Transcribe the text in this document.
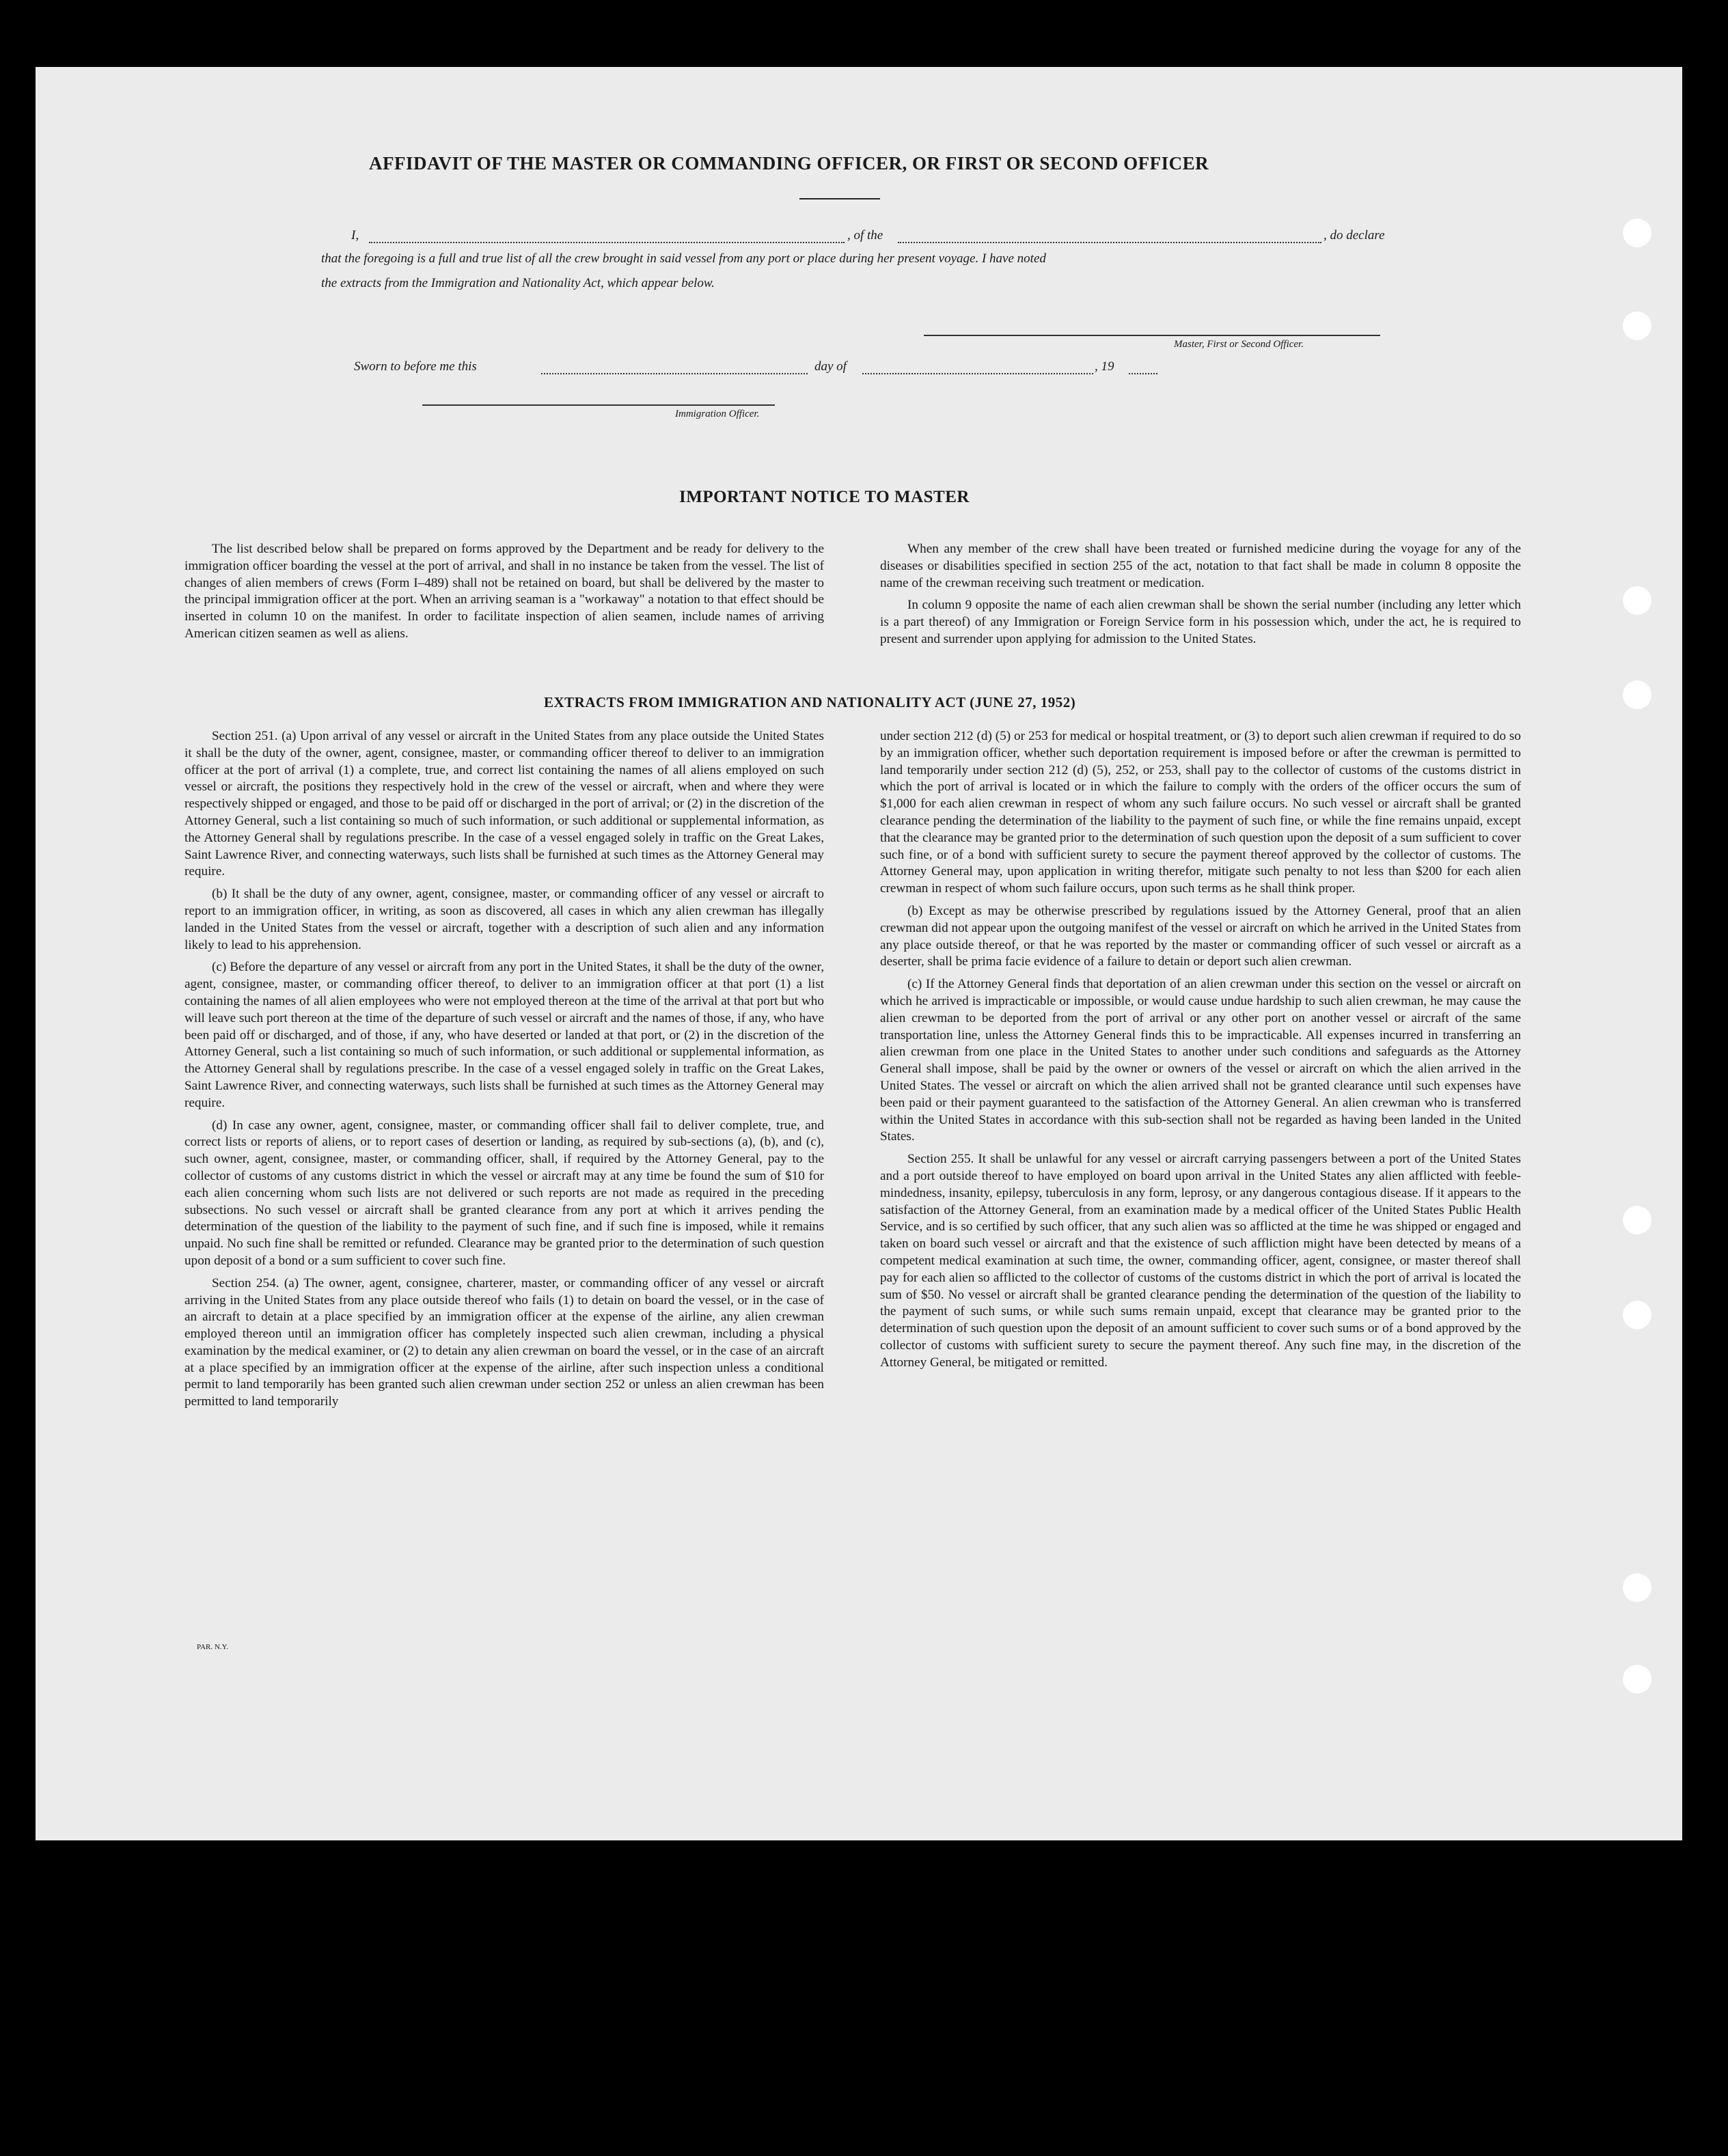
AFFIDAVIT OF THE MASTER OR COMMANDING OFFICER, OR FIRST OR SECOND OFFICER
I,	, of the	, do declare
that the foregoing is a full and true list of all the crew brought in said vessel from any port or place during her present voyage. I have noted
the extracts from the Immigration and Nationality Act, which appear below.
Master, First or Second Officer.
Sworn to before me this	day of	, 19
Immigration Officer.
IMPORTANT NOTICE TO MASTER

The list described below shall be prepared on forms approved by the Department and be ready for delivery to the immigration officer boarding the vessel at the port of arrival, and shall in no instance be taken from the vessel. The list of changes of alien members of crews (Form I–489) shall not be retained on board, but shall be delivered by the master to the principal immigration officer at the port. When an arriving seaman is a "workaway" a notation to that effect should be inserted in column 10 on the manifest. In order to facilitate inspection of alien seamen, include names of arriving American citizen seamen as well as aliens.

When any member of the crew shall have been treated or furnished medicine during the voyage for any of the diseases or disabilities specified in section 255 of the act, notation to that fact shall be made in column 8 opposite the name of the crewman receiving such treatment or medication.

In column 9 opposite the name of each alien crewman shall be shown the serial number (including any letter which is a part thereof) of any Immigration or Foreign Service form in his possession which, under the act, he is required to present and surrender upon applying for admission to the United States.

EXTRACTS FROM IMMIGRATION AND NATIONALITY ACT (JUNE 27, 1952)

Section 251. (a) Upon arrival of any vessel or aircraft in the United States from any place outside the United States it shall be the duty of the owner, agent, consignee, master, or commanding officer thereof to deliver to an immigration officer at the port of arrival (1) a complete, true, and correct list containing the names of all aliens employed on such vessel or aircraft, the positions they respectively hold in the crew of the vessel or aircraft, when and where they were respectively shipped or engaged, and those to be paid off or discharged in the port of arrival; or (2) in the discretion of the Attorney General, such a list containing so much of such information, or such additional or supplemental information, as the Attorney General shall by regulations prescribe. In the case of a vessel engaged solely in traffic on the Great Lakes, Saint Lawrence River, and connecting waterways, such lists shall be furnished at such times as the Attorney General may require.

(b) It shall be the duty of any owner, agent, consignee, master, or commanding officer of any vessel or aircraft to report to an immigration officer, in writing, as soon as discovered, all cases in which any alien crewman has illegally landed in the United States from the vessel or aircraft, together with a description of such alien and any information likely to lead to his apprehension.

(c) Before the departure of any vessel or aircraft from any port in the United States, it shall be the duty of the owner, agent, consignee, master, or commanding officer thereof, to deliver to an immigration officer at that port (1) a list containing the names of all alien employees who were not employed thereon at the time of the arrival at that port but who will leave such port thereon at the time of the departure of such vessel or aircraft and the names of those, if any, who have been paid off or discharged, and of those, if any, who have deserted or landed at that port, or (2) in the discretion of the Attorney General, such a list containing so much of such information, or such additional or supplemental information, as the Attorney General shall by regulations prescribe. In the case of a vessel engaged solely in traffic on the Great Lakes, Saint Lawrence River, and connecting waterways, such lists shall be furnished at such times as the Attorney General may require.

(d) In case any owner, agent, consignee, master, or commanding officer shall fail to deliver complete, true, and correct lists or reports of aliens, or to report cases of desertion or landing, as required by sub-sections (a), (b), and (c), such owner, agent, consignee, master, or commanding officer, shall, if required by the Attorney General, pay to the collector of customs of any customs district in which the vessel or aircraft may at any time be found the sum of $10 for each alien concerning whom such lists are not delivered or such reports are not made as required in the preceding subsections. No such vessel or aircraft shall be granted clearance from any port at which it arrives pending the determination of the question of the liability to the payment of such fine, and if such fine is imposed, while it remains unpaid. No such fine shall be remitted or refunded. Clearance may be granted prior to the determination of such question upon deposit of a bond or a sum sufficient to cover such fine.

Section 254. (a) The owner, agent, consignee, charterer, master, or commanding officer of any vessel or aircraft arriving in the United States from any place outside thereof who fails (1) to detain on board the vessel, or in the case of an aircraft to detain at a place specified by an immigration officer at the expense of the airline, any alien crewman employed thereon until an immigration officer has completely inspected such alien crewman, including a physical examination by the medical examiner, or (2) to detain any alien crewman on board the vessel, or in the case of an aircraft at a place specified by an immigration officer at the expense of the airline, after such inspection unless a conditional permit to land temporarily has been granted such alien crewman under section 252 or unless an alien crewman has been permitted to land temporarily

under section 212 (d) (5) or 253 for medical or hospital treatment, or (3) to deport such alien crewman if required to do so by an immigration officer, whether such deportation requirement is imposed before or after the crewman is permitted to land temporarily under section 212 (d) (5), 252, or 253, shall pay to the collector of customs of the customs district in which the port of arrival is located or in which the failure to comply with the orders of the officer occurs the sum of $1,000 for each alien crewman in respect of whom any such failure occurs. No such vessel or aircraft shall be granted clearance pending the determination of the liability to the payment of such fine, or while the fine remains unpaid, except that the clearance may be granted prior to the determination of such question upon the deposit of a sum sufficient to cover such fine, or of a bond with sufficient surety to secure the payment thereof approved by the collector of customs. The Attorney General may, upon application in writing therefor, mitigate such penalty to not less than $200 for each alien crewman in respect of whom such failure occurs, upon such terms as he shall think proper.

(b) Except as may be otherwise prescribed by regulations issued by the Attorney General, proof that an alien crewman did not appear upon the outgoing manifest of the vessel or aircraft on which he arrived in the United States from any place outside thereof, or that he was reported by the master or commanding officer of such vessel or aircraft as a deserter, shall be prima facie evidence of a failure to detain or deport such alien crewman.

(c) If the Attorney General finds that deportation of an alien crewman under this section on the vessel or aircraft on which he arrived is impracticable or impossible, or would cause undue hardship to such alien crewman, he may cause the alien crewman to be deported from the port of arrival or any other port on another vessel or aircraft of the same transportation line, unless the Attorney General finds this to be impracticable. All expenses incurred in transferring an alien crewman from one place in the United States to another under such conditions and safeguards as the Attorney General shall impose, shall be paid by the owner or owners of the vessel or aircraft on which the alien arrived in the United States. The vessel or aircraft on which the alien arrived shall not be granted clearance until such expenses have been paid or their payment guaranteed to the satisfaction of the Attorney General. An alien crewman who is transferred within the United States in accordance with this sub-section shall not be regarded as having been landed in the United States.

Section 255. It shall be unlawful for any vessel or aircraft carrying passengers between a port of the United States and a port outside thereof to have employed on board upon arrival in the United States any alien afflicted with feeble-mindedness, insanity, epilepsy, tuberculosis in any form, leprosy, or any dangerous contagious disease. If it appears to the satisfaction of the Attorney General, from an examination made by a medical officer of the United States Public Health Service, and is so certified by such officer, that any such alien was so afflicted at the time he was shipped or engaged and taken on board such vessel or aircraft and that the existence of such affliction might have been detected by means of a competent medical examination at such time, the owner, commanding officer, agent, consignee, or master thereof shall pay for each alien so afflicted to the collector of customs of the customs district in which the port of arrival is located the sum of $50. No vessel or aircraft shall be granted clearance pending the determination of the question of the liability to the payment of such sums, or while such sums remain unpaid, except that clearance may be granted prior to the determination of such question upon the deposit of an amount sufficient to cover such sums or of a bond approved by the collector of customs with sufficient surety to secure the payment thereof. Any such fine may, in the discretion of the Attorney General, be mitigated or remitted.

PAR. N.Y.
